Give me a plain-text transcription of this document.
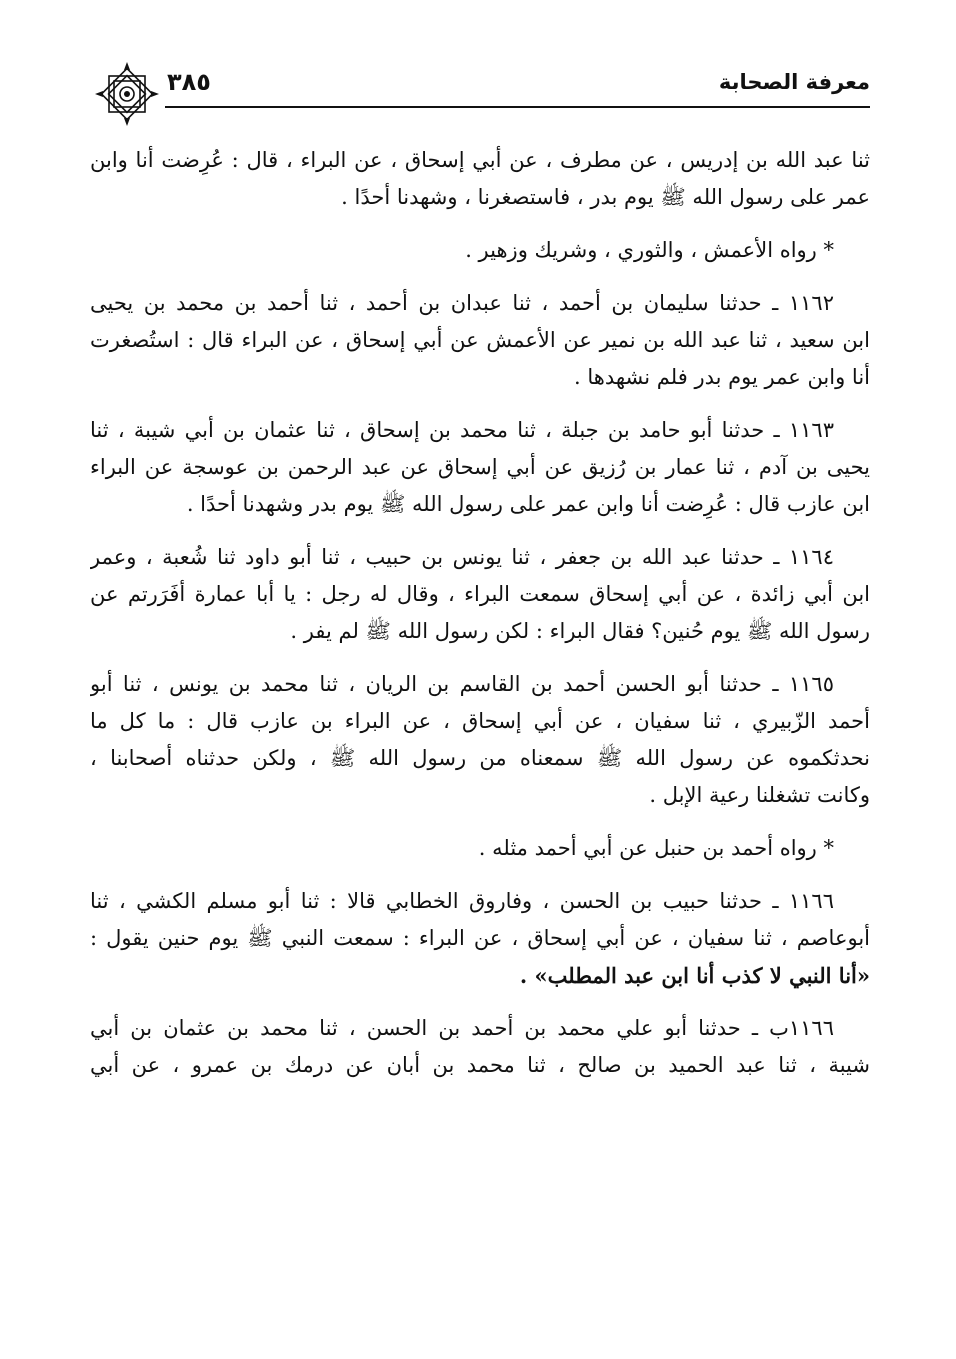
٣٨٥	معرفة الصحابة
ثنا عبد الله بن إدريس ، عن مطرف ، عن أبي إسحاق ، عن البراء ، قال : عُرِضت أنا وابن
عمر على رسول الله ﷺ يوم بدر ، فاستصغرنا ، وشهدنا أحدًا .
* رواه الأعمش ، والثوري ، وشريك وزهير .
١١٦٢ ـ حدثنا سليمان بن أحمد ، ثنا عبدان بن أحمد ، ثنا أحمد بن محمد بن يحيى
ابن سعيد ، ثنا عبد الله بن نمير عن الأعمش عن أبي إسحاق ، عن البراء قال : استُصغرت
أنا وابن عمر يوم بدر فلم نشهدها .
١١٦٣ ـ حدثنا أبو حامد بن جبلة ، ثنا محمد بن إسحاق ، ثنا عثمان بن أبي شيبة ، ثنا
يحيى بن آدم ، ثنا عمار بن رُزيق عن أبي إسحاق عن عبد الرحمن بن عوسجة عن البراء
ابن عازب قال : عُرِضت أنا وابن عمر على رسول الله ﷺ يوم بدر وشهدنا أحدًا .
١١٦٤ ـ حدثنا عبد الله بن جعفر ، ثنا يونس بن حبيب ، ثنا أبو داود ثنا شُعبة ، وعمر
ابن أبي زائدة ، عن أبي إسحاق سمعت البراء ، وقال له رجل : يا أبا عمارة أفَرَرتم عن
رسول الله ﷺ يوم حُنين؟ فقال البراء : لكن رسول الله ﷺ لم يفر .
١١٦٥ ـ حدثنا أبو الحسن أحمد بن القاسم بن الريان ، ثنا محمد بن يونس ، ثنا أبو
أحمد الزّبيري ، ثنا سفيان ، عن أبي إسحاق ، عن البراء بن عازب قال : ما كل ما
نحدثكموه عن رسول الله ﷺ سمعناه من رسول الله ﷺ ، ولكن حدثناه أصحابنا ،
وكانت تشغلنا رعية الإبل .
* رواه أحمد بن حنبل عن أبي أحمد مثله .
١١٦٦ ـ حدثنا حبيب بن الحسن ، وفاروق الخطابي قالا : ثنا أبو مسلم الكشي ، ثنا
أبوعاصم ، ثنا سفيان ، عن أبي إسحاق ، عن البراء : سمعت النبي ﷺ يوم حنين يقول :
«أنا النبي لا كذب أنا ابن عبد المطلب» .
١١٦٦ب ـ حدثنا أبو علي محمد بن أحمد بن الحسن ، ثنا محمد بن عثمان بن أبي
شيبة ، ثنا عبد الحميد بن صالح ، ثنا محمد بن أبان عن درمك بن عمرو ، عن أبي
